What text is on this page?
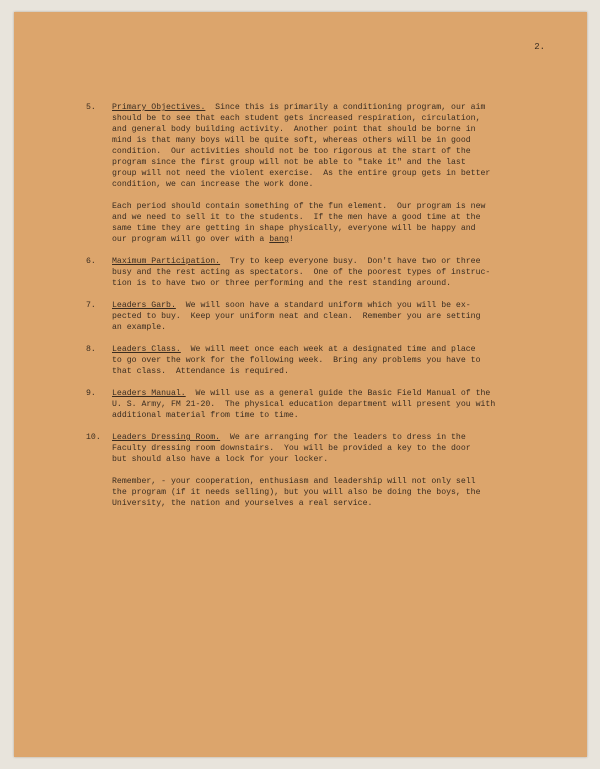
2.
5.	Primary Objectives.  Since this is primarily a conditioning program, our aim
should be to see that each student gets increased respiration, circulation,
and general body building activity.  Another point that should be borne in
mind is that many boys will be quite soft, whereas others will be in good
condition.  Our activities should not be too rigorous at the start of the
program since the first group will not be able to "take it" and the last
group will not need the violent exercise.  As the entire group gets in better
condition, we can increase the work done.
Each period should contain something of the fun element.  Our program is new
and we need to sell it to the students.  If the men have a good time at the
same time they are getting in shape physically, everyone will be happy and
our program will go over with a bang!
6.	Maximum Participation.  Try to keep everyone busy.  Don't have two or three
busy and the rest acting as spectators.  One of the poorest types of instruc-
tion is to have two or three performing and the rest standing around.
7.	Leaders Garb.  We will soon have a standard uniform which you will be ex-
pected to buy.  Keep your uniform neat and clean.  Remember you are setting
an example.
8.	Leaders Class.  We will meet once each week at a designated time and place
to go over the work for the following week.  Bring any problems you have to
that class.  Attendance is required.
9.	Leaders Manual.  We will use as a general guide the Basic Field Manual of the
U. S. Army, FM 21-20.  The physical education department will present you with
additional material from time to time.
10.	Leaders Dressing Room.  We are arranging for the leaders to dress in the
Faculty dressing room downstairs.  You will be provided a key to the door
but should also have a lock for your locker.
Remember, - your cooperation, enthusiasm and leadership will not only sell
the program (if it needs selling), but you will also be doing the boys, the
University, the nation and yourselves a real service.
